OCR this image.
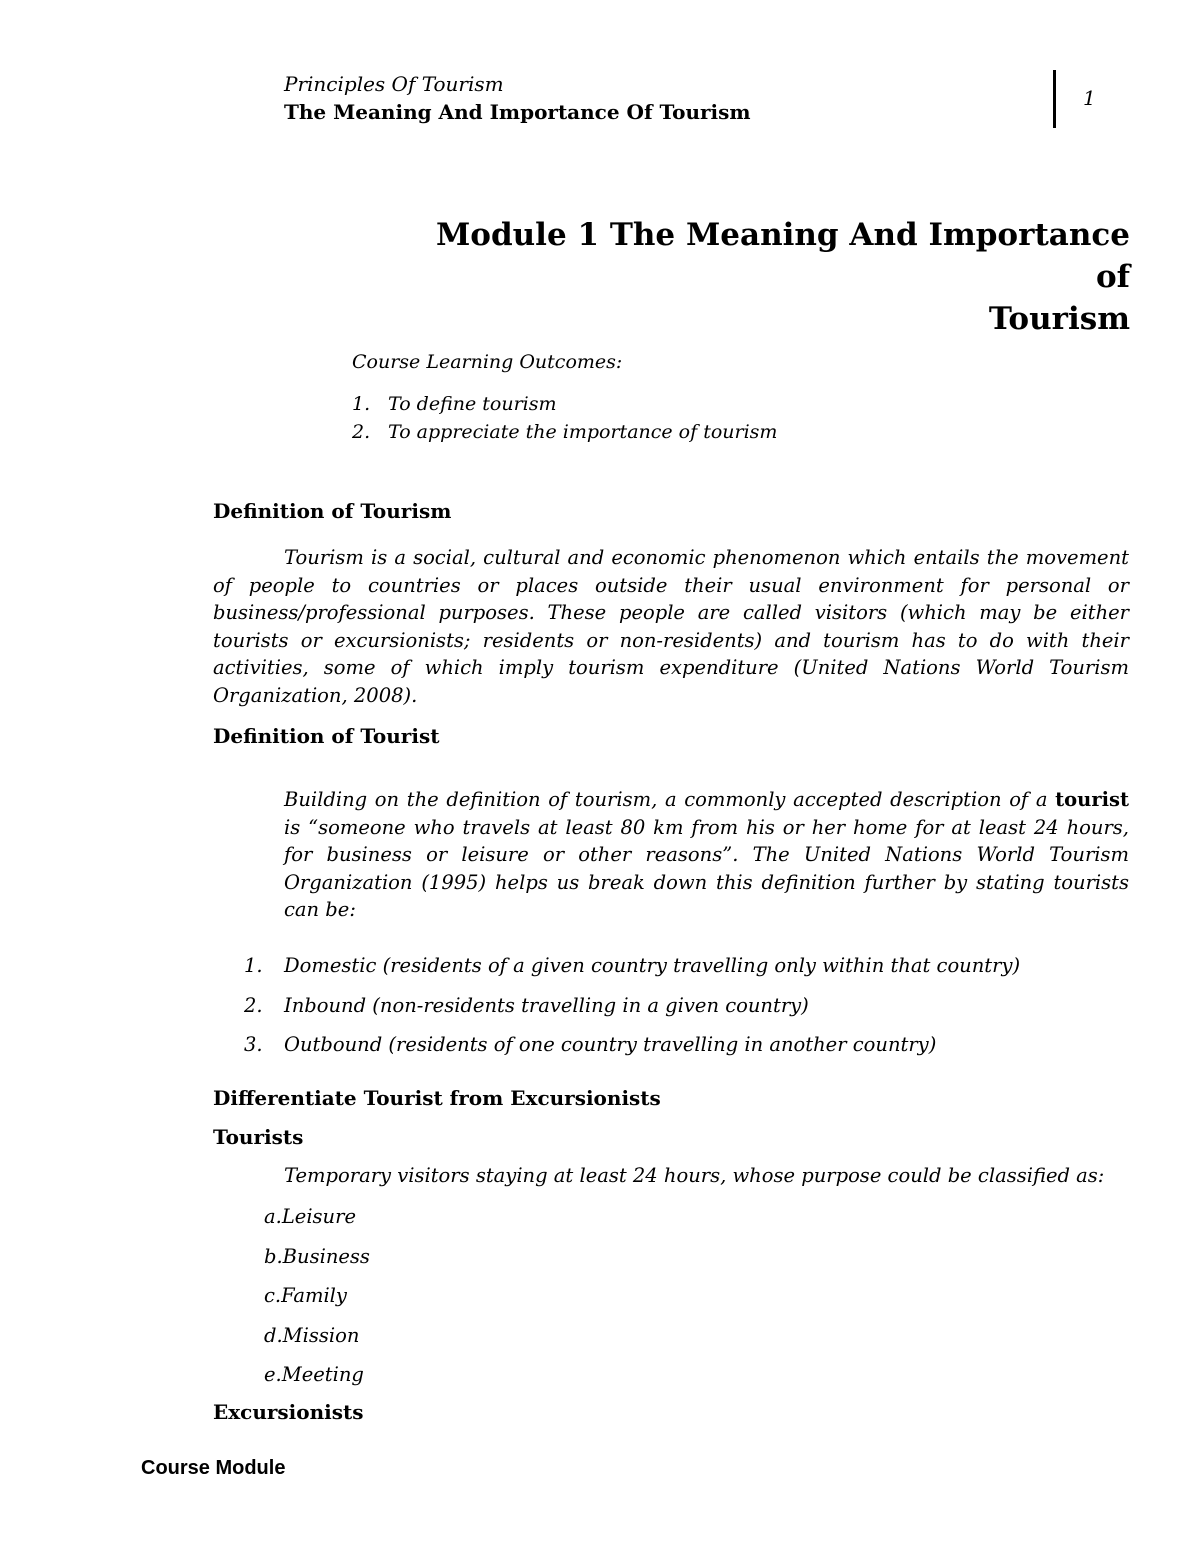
Principles Of Tourism
The Meaning And Importance Of Tourism
1
Module 1 The Meaning And Importance of
Tourism
Course Learning Outcomes:
1. To define tourism
2. To appreciate the importance of tourism
Definition of Tourism

Tourism is a social, cultural and economic phenomenon which entails the movement of people to countries or places outside their usual environment for personal or business/professional purposes. These people are called visitors (which may be either tourists or excursionists; residents or non-residents) and tourism has to do with their activities, some of which imply tourism expenditure (United Nations World Tourism Organization, 2008).

Definition of Tourist

Building on the definition of tourism, a commonly accepted description of a tourist is “someone who travels at least 80 km from his or her home for at least 24 hours, for business or leisure or other reasons”. The United Nations World Tourism Organization (1995) helps us break down this definition further by stating tourists can be:

1. Domestic (residents of a given country travelling only within that country)
2. Inbound (non-residents travelling in a given country)
3. Outbound (residents of one country travelling in another country)
Differentiate Tourist from Excursionists
Tourists
Temporary visitors staying at least 24 hours, whose purpose could be classified as:
a.Leisure
b.Business
c.Family
d.Mission
e.Meeting
Excursionists
Course Module
